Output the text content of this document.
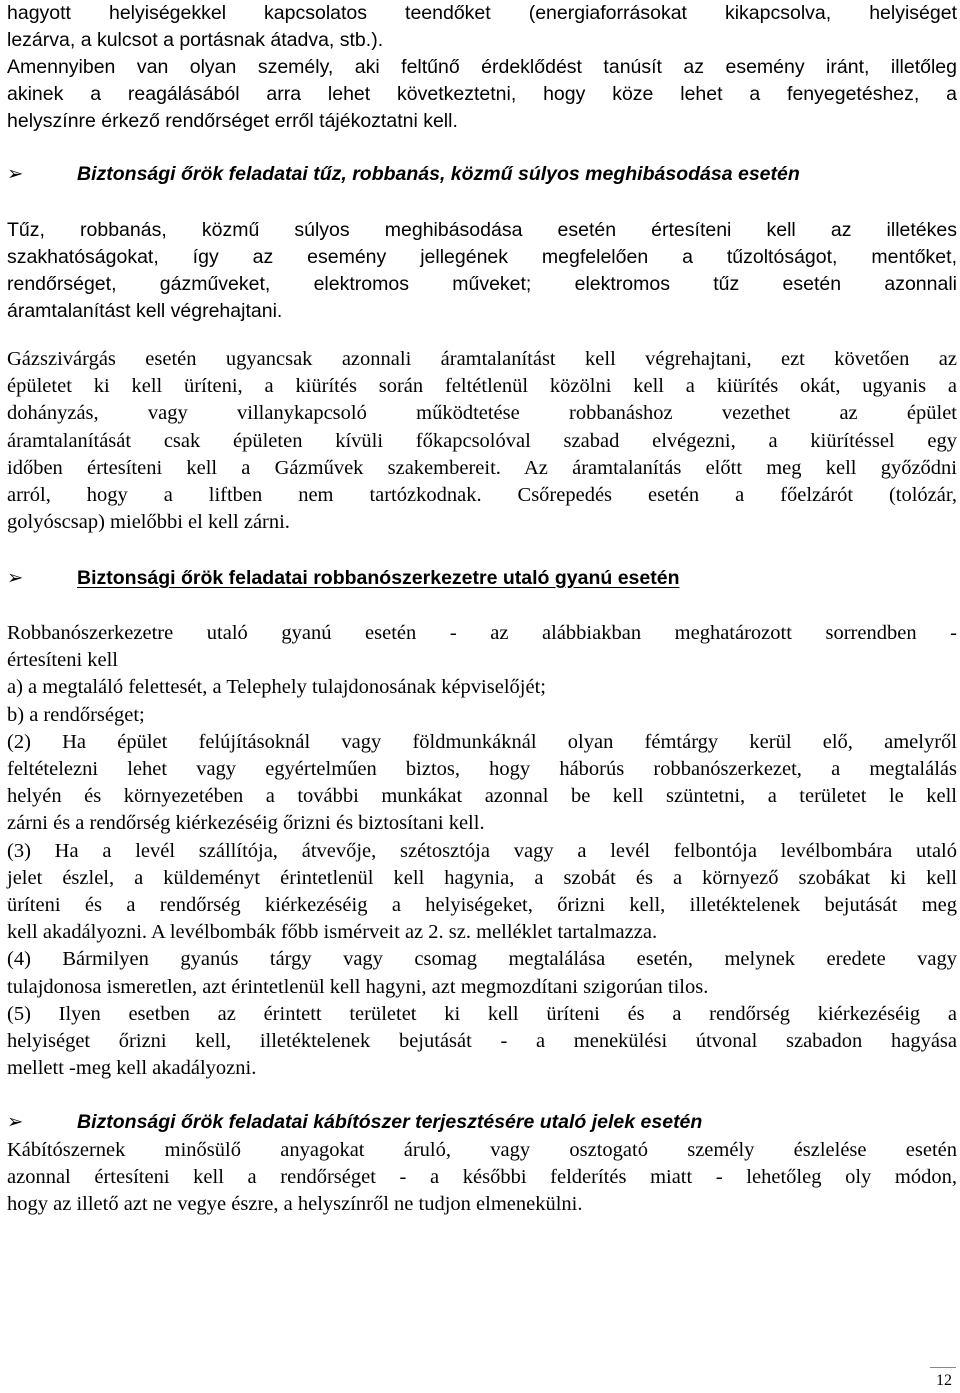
hagyott helyiségekkel kapcsolatos teendőket (energiaforrásokat kikapcsolva, helyiséget
lezárva, a kulcsot a portásnak átadva, stb.).
Amennyiben van olyan személy, aki feltűnő érdeklődést tanúsít az esemény iránt, illetőleg
akinek a reagálásából arra lehet következtetni, hogy köze lehet a fenyegetéshez, a
helyszínre érkező rendőrséget erről tájékoztatni kell.
➢	Biztonsági őrök feladatai tűz, robbanás, közmű súlyos meghibásodása esetén
Tűz, robbanás, közmű súlyos meghibásodása esetén értesíteni kell az illetékes
szakhatóságokat, így az esemény jellegének megfelelően a tűzoltóságot, mentőket,
rendőrséget, gázműveket, elektromos műveket; elektromos tűz esetén azonnali
áramtalanítást kell végrehajtani.
Gázszivárgás esetén ugyancsak azonnali áramtalanítást kell végrehajtani, ezt követően az
épületet ki kell üríteni, a kiürítés során feltétlenül közölni kell a kiürítés okát, ugyanis a
dohányzás, vagy villanykapcsoló működtetése robbanáshoz vezethet az épület
áramtalanítását csak épületen kívüli főkapcsolóval szabad elvégezni, a kiürítéssel egy
időben értesíteni kell a Gázművek szakembereit. Az áramtalanítás előtt meg kell győződni
arról, hogy a liftben nem tartózkodnak. Csőrepedés esetén a főelzárót (tolózár,
golyóscsap) mielőbbi el kell zárni.
➢	Biztonsági őrök feladatai robbanószerkezetre utaló gyanú esetén
Robbanószerkezetre utaló gyanú esetén - az alábbiakban meghatározott sorrendben -
értesíteni kell
a) a megtaláló felettesét, a Telephely tulajdonosának képviselőjét;
b) a rendőrséget;
(2) Ha épület felújításoknál vagy földmunkáknál olyan fémtárgy kerül elő, amelyről
feltételezni lehet vagy egyértelműen biztos, hogy háborús robbanószerkezet, a megtalálás
helyén és környezetében a további munkákat azonnal be kell szüntetni, a területet le kell
zárni és a rendőrség kiérkezéséig őrizni és biztosítani kell.
(3) Ha a levél szállítója, átvevője, szétosztója vagy a levél felbontója levélbombára utaló
jelet észlel, a küldeményt érintetlenül kell hagynia, a szobát és a környező szobákat ki kell
üríteni és a rendőrség kiérkezéséig a helyiségeket, őrizni kell, illetéktelenek bejutását meg
kell akadályozni. A levélbombák főbb ismérveit az 2. sz. melléklet tartalmazza.
(4) Bármilyen gyanús tárgy vagy csomag megtalálása esetén, melynek eredete vagy
tulajdonosa ismeretlen, azt érintetlenül kell hagyni, azt megmozdítani szigorúan tilos.
(5) Ilyen esetben az érintett területet ki kell üríteni és a rendőrség kiérkezéséig a
helyiséget őrizni kell, illetéktelenek bejutását - a menekülési útvonal szabadon hagyása
mellett -meg kell akadályozni.
➢	Biztonsági őrök feladatai kábítószer terjesztésére utaló jelek esetén
Kábítószernek minősülő anyagokat áruló, vagy osztogató személy észlelése esetén
azonnal értesíteni kell a rendőrséget - a későbbi felderítés miatt - lehetőleg oly módon,
hogy az illető azt ne vegye észre, a helyszínről ne tudjon elmenekülni.
12
